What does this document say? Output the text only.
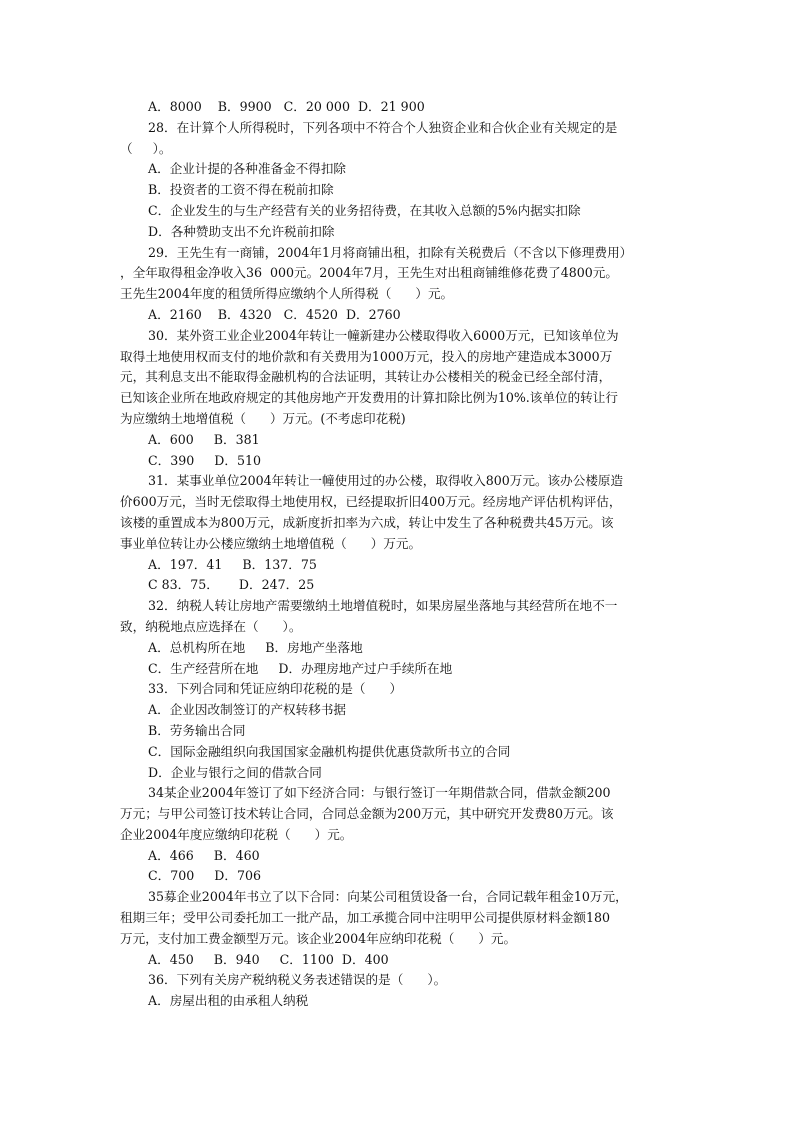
A．8000    B．9900   C．20 000  D．21 900
28．在计算个人所得税时，下列各项中不符合个人独资企业和合伙企业有关规定的是
（     ）。
A．企业计提的各种准备金不得扣除
B．投资者的工资不得在税前扣除
C．企业发生的与生产经营有关的业务招待费，在其收入总额的5%内据实扣除
D．各种赞助支出不允许税前扣除
29．王先生有一商铺，2004年1月将商铺出租，扣除有关税费后（不含以下修理费用）
，全年取得租金净收入36  000元。2004年7月，王先生对出租商铺维修花费了4800元。
王先生2004年度的租赁所得应缴纳个人所得税（      ）元。
A．2160    B．4320   C．4520  D．2760
30．某外资工业企业2004年转让一幢新建办公楼取得收入6000万元，已知该单位为
取得土地使用权而支付的地价款和有关费用为1000万元，投入的房地产建造成本3000万
元，其利息支出不能取得金融机构的合法证明，其转让办公楼相关的税金已经全部付清，
已知该企业所在地政府规定的其他房地产开发费用的计算扣除比例为10%.该单位的转让行
为应缴纳土地增值税（      ）万元。(不考虑印花税)
A．600     B．381
C．390     D．510
31．某事业单位2004年转让一幢使用过的办公楼，取得收入800万元。该办公楼原造
价600万元，当时无偿取得土地使用权，已经提取折旧400万元。经房地产评估机构评估，
该楼的重置成本为800万元，成新度折扣率为六成，转让中发生了各种税费共45万元。该
事业单位转让办公楼应缴纳土地增值税（      ）万元。
A．197．41     B．137．75
C 83．75．     D．247．25
32．纳税人转让房地产需要缴纳土地增值税时，如果房屋坐落地与其经营所在地不一
致，纳税地点应选择在（      ）。
A．总机构所在地     B．房地产坐落地
C．生产经营所在地     D．办理房地产过户手续所在地
33．下列合同和凭证应纳印花税的是（      ）
A．企业因改制签订的产权转移书据
B．劳务输出合同
C．国际金融组织向我国国家金融机构提供优惠贷款所书立的合同
D．企业与银行之间的借款合同
34某企业2004年签订了如下经济合同：与银行签订一年期借款合同，借款金额200
万元；与甲公司签订技术转让合同，合同总金额为200万元，其中研究开发费80万元。该
企业2004年度应缴纳印花税（      ）元。
A．466     B．460
C．700     D．706
35募企业2004年书立了以下合同：向某公司租赁设备一台，合同记载年租金10万元，
租期三年；受甲公司委托加工一批产品，加工承揽合同中注明甲公司提供原材料金额180
万元，支付加工费金额型万元。该企业2004年应纳印花税（      ）元。
A．450     B．940     C．1100  D．400
36．下列有关房产税纳税义务表述错误的是（      ）。
A．房屋出租的由承租人纳税
